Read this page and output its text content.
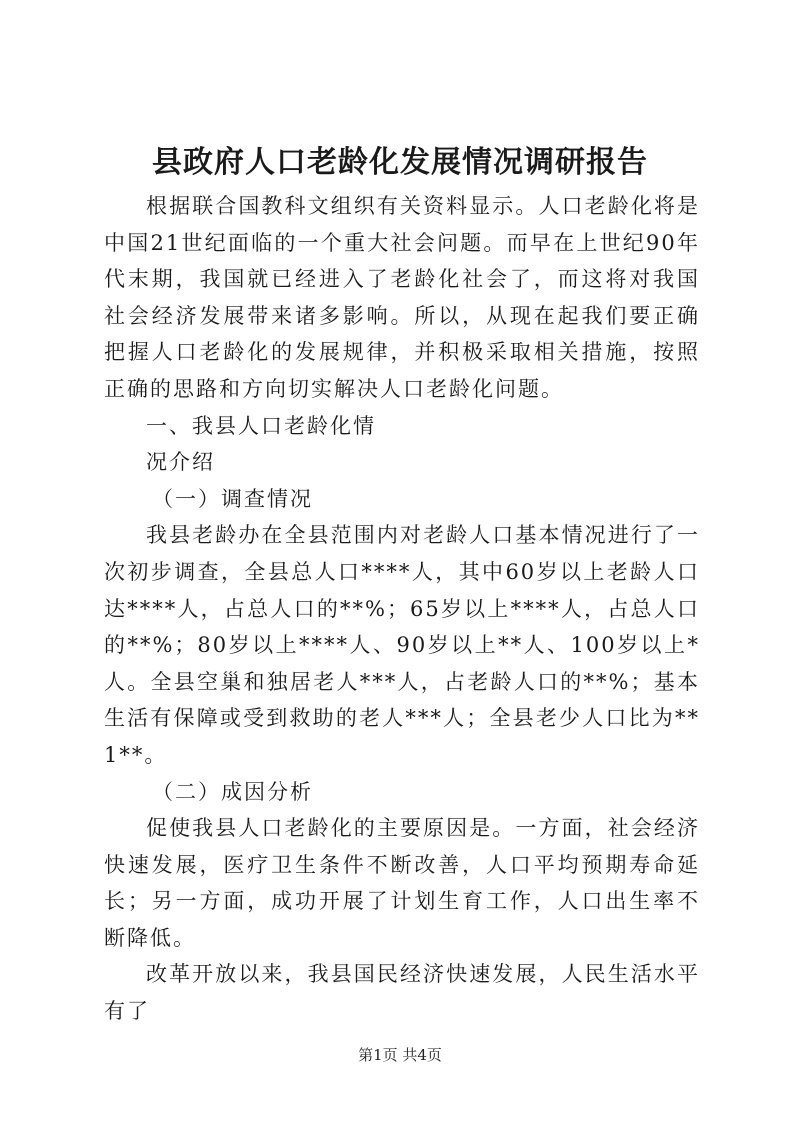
县政府人口老龄化发展情况调研报告

根据联合国教科文组织有关资料显示。人口老龄化将是中国21世纪面临的一个重大社会问题。而早在上世纪90年代末期，我国就已经进入了老龄化社会了，而这将对我国社会经济发展带来诸多影响。所以，从现在起我们要正确把握人口老龄化的发展规律，并积极采取相关措施，按照正确的思路和方向切实解决人口老龄化问题。

一、我县人口老龄化情

况介绍

（一）调查情况

我县老龄办在全县范围内对老龄人口基本情况进行了一次初步调查，全县总人口****人，其中60岁以上老龄人口达****人，占总人口的**%；65岁以上****人，占总人口的**%；80岁以上****人、90岁以上**人、100岁以上*人。全县空巢和独居老人***人，占老龄人口的**%；基本生活有保障或受到救助的老人***人；全县老少人口比为**1**。

（二）成因分析

促使我县人口老龄化的主要原因是。一方面，社会经济快速发展，医疗卫生条件不断改善，人口平均预期寿命延长；另一方面，成功开展了计划生育工作，人口出生率不断降低。

改革开放以来，我县国民经济快速发展，人民生活水平有了

第1页 共4页
